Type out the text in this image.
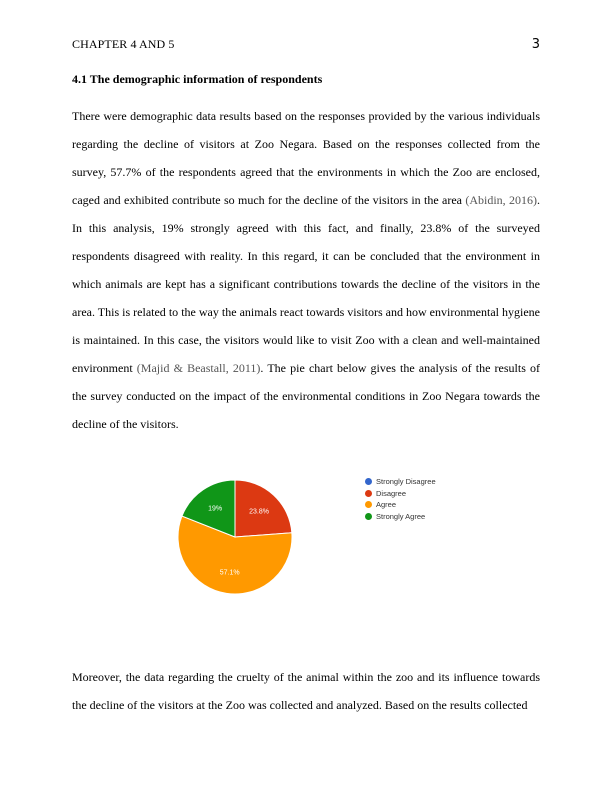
CHAPTER 4 AND 5	3
4.1 The demographic information of respondents

There were demographic data results based on the responses provided by the various individuals regarding the decline of visitors at Zoo Negara. Based on the responses collected from the survey, 57.7% of the respondents agreed that the environments in which the Zoo are enclosed, caged and exhibited contribute so much for the decline of the visitors in the area (Abidin, 2016). In this analysis, 19% strongly agreed with this fact, and finally, 23.8% of the surveyed respondents disagreed with reality. In this regard, it can be concluded that the environment in which animals are kept has a significant contributions towards the decline of the visitors in the area. This is related to the way the animals react towards visitors and how environmental hygiene is maintained. In this case, the visitors would like to visit Zoo with a clean and well-maintained environment (Majid & Beastall, 2011). The pie chart below gives the analysis of the results of the survey conducted on the impact of the environmental conditions in Zoo Negara towards the decline of the visitors.

23.8%
57.1%
19%
Strongly Disagree
Disagree
Agree
Strongly Agree

Moreover, the data regarding the cruelty of the animal within the zoo and its influence towards the decline of the visitors at the Zoo was collected and analyzed. Based on the results collected
